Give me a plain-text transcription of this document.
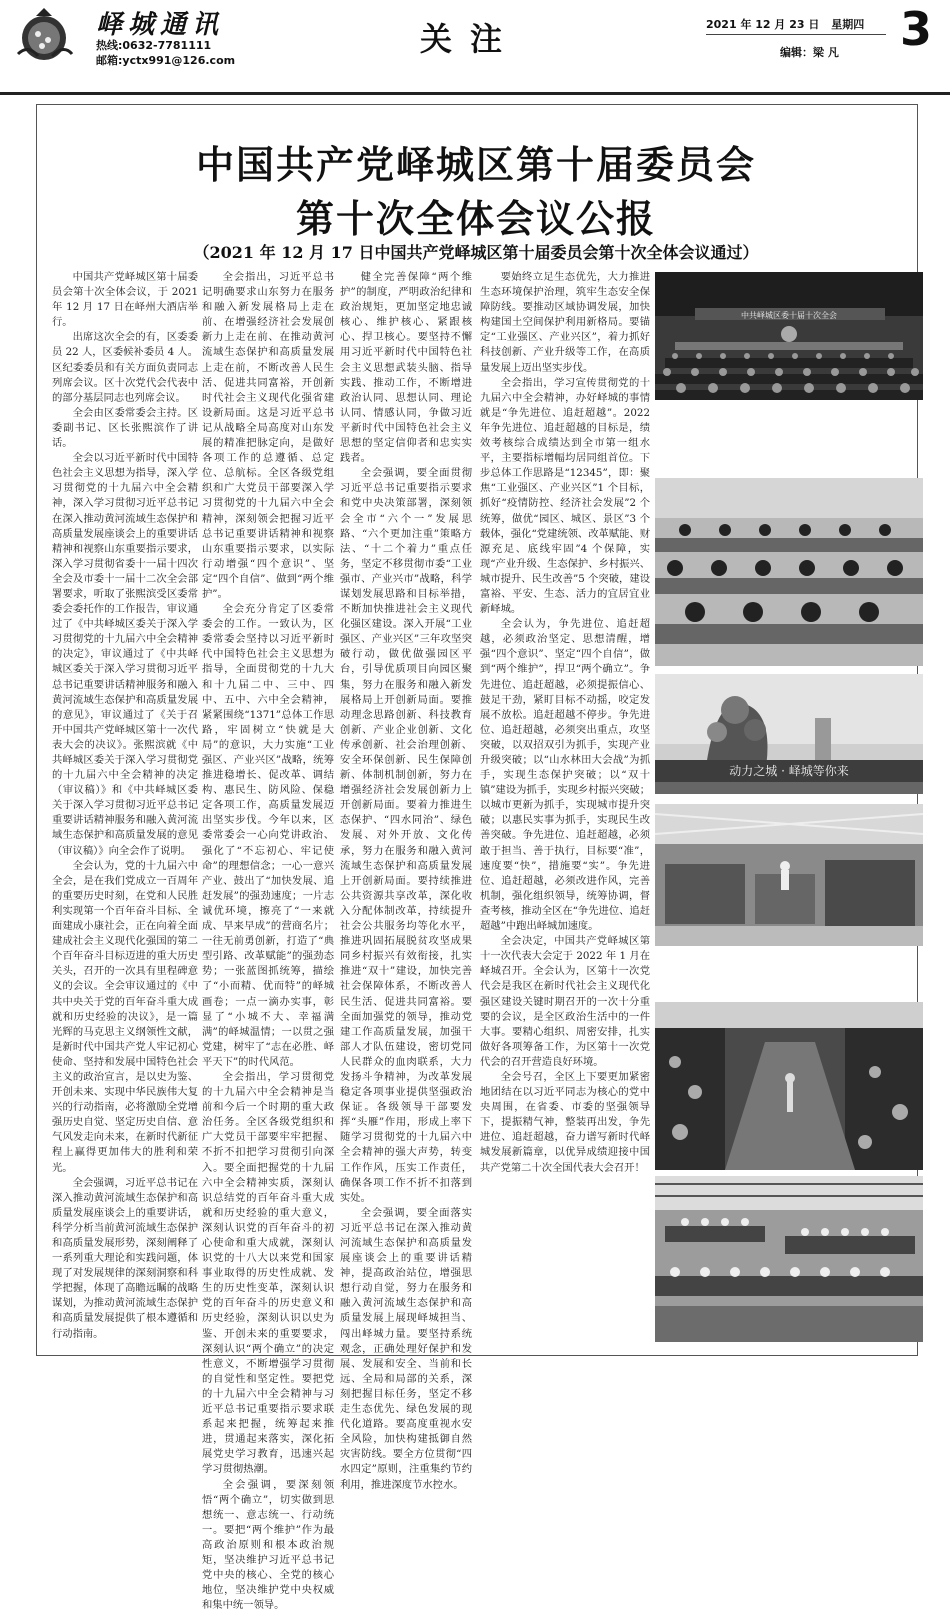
峄城通讯
热线:0632-7781111
邮箱:yctx991@126.com
关注	2021 年 12 月 23 日 星期四
编辑：梁 凡 3
中国共产党峄城区第十届委员会
第十次全体会议公报
（2021 年 12 月 17 日中国共产党峄城区第十届委员会第十次全体会议通过）

中国共产党峄城区第十届委员会第十次全体会议，于 2021 年 12 月 17 日在峄州大酒店举行。

出席这次全会的有，区委委员 22 人，区委候补委员 4 人。区纪委委员和有关方面负责同志列席会议。区十次党代会代表中的部分基层同志也列席会议。

全会由区委常委会主持。区委副书记、区长张熙滨作了讲话。

全会以习近平新时代中国特色社会主义思想为指导，深入学习贯彻党的十九届六中全会精神，深入学习贯彻习近平总书记在深入推动黄河流域生态保护和高质量发展座谈会上的重要讲话精神和视察山东重要指示要求，深入学习贯彻省委十一届十四次全会及市委十一届十二次全会部署要求，听取了张熙滨受区委常委会委托作的工作报告，审议通过了《中共峄城区委关于深入学习贯彻党的十九届六中全会精神的决定》，审议通过了《中共峄城区委关于深入学习贯彻习近平总书记重要讲话精神服务和融入黄河流域生态保护和高质量发展的意见》，审议通过了《关于召开中国共产党峄城区第十一次代表大会的决议》。张熙滨就《中共峄城区委关于深入学习贯彻党的十九届六中全会精神的决定（审议稿）》和《中共峄城区委关于深入学习贯彻习近平总书记重要讲话精神服务和融入黄河流域生态保护和高质量发展的意见（审议稿）》向全会作了说明。

全会认为，党的十九届六中全会，是在我们党成立一百周年的重要历史时刻，在党和人民胜利实现第一个百年奋斗目标、全面建成小康社会，正在向着全面建成社会主义现代化强国的第二个百年奋斗目标迈进的重大历史关头，召开的一次具有里程碑意义的会议。全会审议通过的《中共中央关于党的百年奋斗重大成就和历史经验的决议》，是一篇光辉的马克思主义纲领性文献，是新时代中国共产党人牢记初心使命、坚持和发展中国特色社会主义的政治宣言，是以史为鉴、开创未来、实现中华民族伟大复兴的行动指南，必将激励全党增强历史自觉、坚定历史自信、意气风发走向未来，在新时代新征程上赢得更加伟大的胜利和荣光。

全会强调，习近平总书记在深入推动黄河流域生态保护和高质量发展座谈会上的重要讲话，科学分析当前黄河流域生态保护和高质量发展形势，深刻阐释了一系列重大理论和实践问题，体现了对发展规律的深刻洞察和科学把握，体现了高瞻远瞩的战略谋划，为推动黄河流域生态保护和高质量发展提供了根本遵循和行动指南。

全会指出，习近平总书记明确要求山东努力在服务和融入新发展格局上走在前、在增强经济社会发展创新力上走在前、在推动黄河流域生态保护和高质量发展上走在前，不断改善人民生活、促进共同富裕，开创新时代社会主义现代化强省建设新局面。这是习近平总书记从战略全局高度对山东发展的精准把脉定向，是做好各项工作的总遵循、总定位、总航标。全区各级党组织和广大党员干部要深入学习贯彻党的十九届六中全会精神，深刻领会把握习近平总书记重要讲话精神和视察山东重要指示要求，以实际行动增强“四个意识”、坚定“四个自信”、做到“两个维护”。

全会充分肯定了区委常委会的工作。一致认为，区委常委会坚持以习近平新时代中国特色社会主义思想为指导，全面贯彻党的十九大和十九届二中、三中、四中、五中、六中全会精神，紧紧围绕“1371”总体工作思路，牢固树立“快就是大局”的意识，大力实施“工业强区、产业兴区”战略，统筹推进稳增长、促改革、调结构、惠民生、防风险、保稳定各项工作，高质量发展迈出坚实步伐。今年以来，区委常委会一心向党讲政治、强化了“不忘初心、牢记使命”的理想信念；一心一意兴产业、鼓出了“加快发展、追赶发展”的强劲速度；一片志诚优环境，擦亮了“一来就成、早来早成”的营商名片；一往无前勇创新，打造了“典型引路、改革赋能”的强劲态势；一张蓝图抓统筹，描绘了“小而精、优而特”的峄城画卷；一点一滴办实事，彰显了“小城不大、幸福满满”的峄城温情；一以贯之强党建，树牢了“志在必胜、峄平天下”的时代风范。

全会指出，学习贯彻党的十九届六中全会精神是当前和今后一个时期的重大政治任务。全区各级党组织和广大党员干部要牢牢把握、不折不扣把学习贯彻引向深入。要全面把握党的十九届六中全会精神实质，深刻认识总结党的百年奋斗重大成就和历史经验的重大意义，深刻认识党的百年奋斗的初心使命和重大成就，深刻认识党的十八大以来党和国家事业取得的历史性成就、发生的历史性变革，深刻认识党的百年奋斗的历史意义和历史经验，深刻认识以史为鉴、开创未来的重要要求，深刻认识“两个确立”的决定性意义，不断增强学习贯彻的自觉性和坚定性。要把党的十九届六中全会精神与习近平总书记重要指示要求联系起来把握，统筹起来推进，贯通起来落实，深化拓展党史学习教育，迅速兴起学习贯彻热潮。

全会强调，要深刻领悟“两个确立”，切实做到思想统一、意志统一、行动统一。要把“两个维护”作为最高政治原则和根本政治规矩，坚决维护习近平总书记党中央的核心、全党的核心地位，坚决维护党中央权威和集中统一领导。

健全完善保障“两个维护”的制度，严明政治纪律和政治规矩，更加坚定地忠诚核心、维护核心、紧跟核心、捍卫核心。要坚持不懈用习近平新时代中国特色社会主义思想武装头脑、指导实践、推动工作，不断增进政治认同、思想认同、理论认同、情感认同，争做习近平新时代中国特色社会主义思想的坚定信仰者和忠实实践者。

全会强调，要全面贯彻习近平总书记重要指示要求和党中央决策部署，深刻领会全市“六个一”发展思路、“六个更加注重”策略方法、“十二个着力”重点任务，坚定不移贯彻市委“工业强市、产业兴市”战略，科学谋划发展思路和目标举措，不断加快推进社会主义现代化强区建设。深入开展“工业强区、产业兴区”三年攻坚突破行动，做优做强园区平台，引导优质项目向园区聚集，努力在服务和融入新发展格局上开创新局面。要推动理念思路创新、科技教育创新、产业企业创新、文化传承创新、社会治理创新、安全环保创新、民生保障创新、体制机制创新，努力在增强经济社会发展创新力上开创新局面。要着力推进生态保护、“四水同治”、绿色发展、对外开放、文化传承，努力在服务和融入黄河流域生态保护和高质量发展上开创新局面。要持续推进公共资源共享改革，深化收入分配体制改革，持续提升社会公共服务均等化水平，推进巩固拓展脱贫攻坚成果同乡村振兴有效衔接，扎实推进“双十”建设，加快完善社会保障体系，不断改善人民生活、促进共同富裕。要全面加强党的领导，推动党建工作高质量发展，加强干部人才队伍建设，密切党同人民群众的血肉联系，大力发扬斗争精神，为改革发展稳定各项事业提供坚强政治保证。各级领导干部要发挥“头雁”作用，形成上率下随学习贯彻党的十九届六中全会精神的强大声势，转变工作作风，压实工作责任，确保各项工作不折不扣落到实处。

全会强调，要全面落实习近平总书记在深入推动黄河流域生态保护和高质量发展座谈会上的重要讲话精神，提高政治站位，增强思想行动自觉，努力在服务和融入黄河流域生态保护和高质量发展上展现峄城担当、闯出峄城力量。要坚持系统观念，正确处理好保护和发展、发展和安全、当前和长远、全局和局部的关系，深刻把握目标任务，坚定不移走生态优先、绿色发展的现代化道路。要高度重视水安全风险，加快构建抵御自然灾害防线。要全方位贯彻“四水四定”原则，注重集约节约利用，推进深度节水控水。

要始终立足生态优先，大力推进生态环境保护治理，筑牢生态安全保障防线。要推动区域协调发展，加快构建国土空间保护利用新格局。要锚定“工业强区、产业兴区”，着力抓好科技创新、产业升级等工作，在高质量发展上迈出坚实步伐。

全会指出，学习宣传贯彻党的十九届六中全会精神，办好峄城的事情就是“争先进位、追赶超越”。2022 年争先进位、追赶超越的目标是，绩效考核综合成绩达到全市第一组水平，主要指标增幅均居同组首位。下步总体工作思路是“12345”，即：聚焦“工业强区、产业兴区”1 个目标，抓好“疫情防控、经济社会发展”2 个统筹，做优“园区、城区、景区”3 个载体，强化“党建统领、改革赋能、财源充足、底线牢固”4 个保障，实现“产业升级、生态保护、乡村振兴、城市提升、民生改善”5 个突破，建设富裕、平安、生态、活力的宜居宜业新峄城。

全会认为，争先进位、追赶超越，必须政治坚定、思想清醒，增强“四个意识”、坚定“四个自信”，做到“两个维护”，捍卫“两个确立”。争先进位、追赶超越，必须提振信心、鼓足干劲，紧盯目标不动摇，咬定发展不放松。追赶超越不停步。争先进位、追赶超越，必须突出重点，攻坚突破，以双招双引为抓手，实现产业升级突破；以“山水林田大会战”为抓手，实现生态保护突破；以“双十镇”建设为抓手，实现乡村振兴突破；以城市更新为抓手，实现城市提升突破；以惠民实事为抓手，实现民生改善突破。争先进位、追赶超越，必须敢于担当、善于执行，目标要“准”，速度要“快”，措施要“实”。争先进位、追赶超越，必须改进作风，完善机制，强化组织领导，统筹协调，督查考核，推动全区在“争先进位、追赶超越”中跑出峄城加速度。

全会决定，中国共产党峄城区第十一次代表大会定于 2022 年 1 月在峄城召开。全会认为，区第十一次党代会是我区在新时代社会主义现代化强区建设关键时期召开的一次十分重要的会议，是全区政治生活中的一件大事。要精心组织、周密安排，扎实做好各项筹备工作，为区第十一次党代会的召开营造良好环境。

全会号召，全区上下要更加紧密地团结在以习近平同志为核心的党中央周围，在省委、市委的坚强领导下，提振精气神，整装再出发，争先进位、追赶超越，奋力谱写新时代峄城发展新篇章，以优异成绩迎接中国共产党第二十次全国代表大会召开！

中共峄城区委十届十次全会
动力之城 · 峄城等你来
